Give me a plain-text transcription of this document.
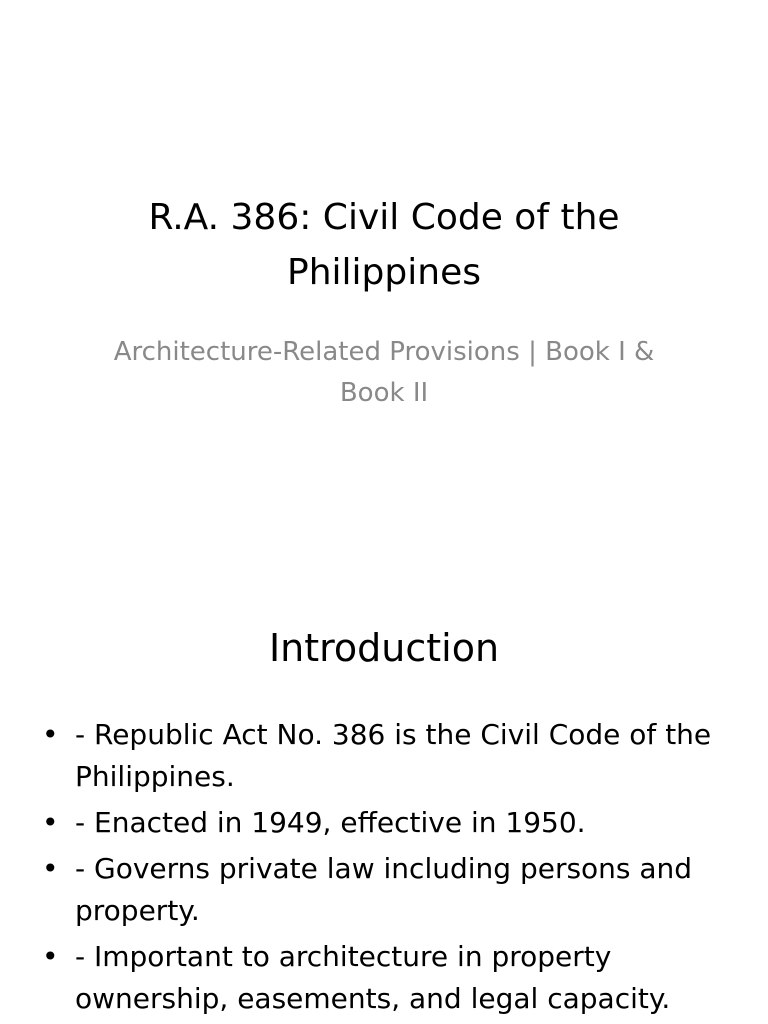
R.A. 386: Civil Code of the Philippines
Architecture-Related Provisions | Book I & Book II
Introduction
• - Republic Act No. 386 is the Civil Code of the Philippines.
• - Enacted in 1949, effective in 1950.
• - Governs private law including persons and property.
• - Important to architecture in property ownership, easements, and legal capacity.
